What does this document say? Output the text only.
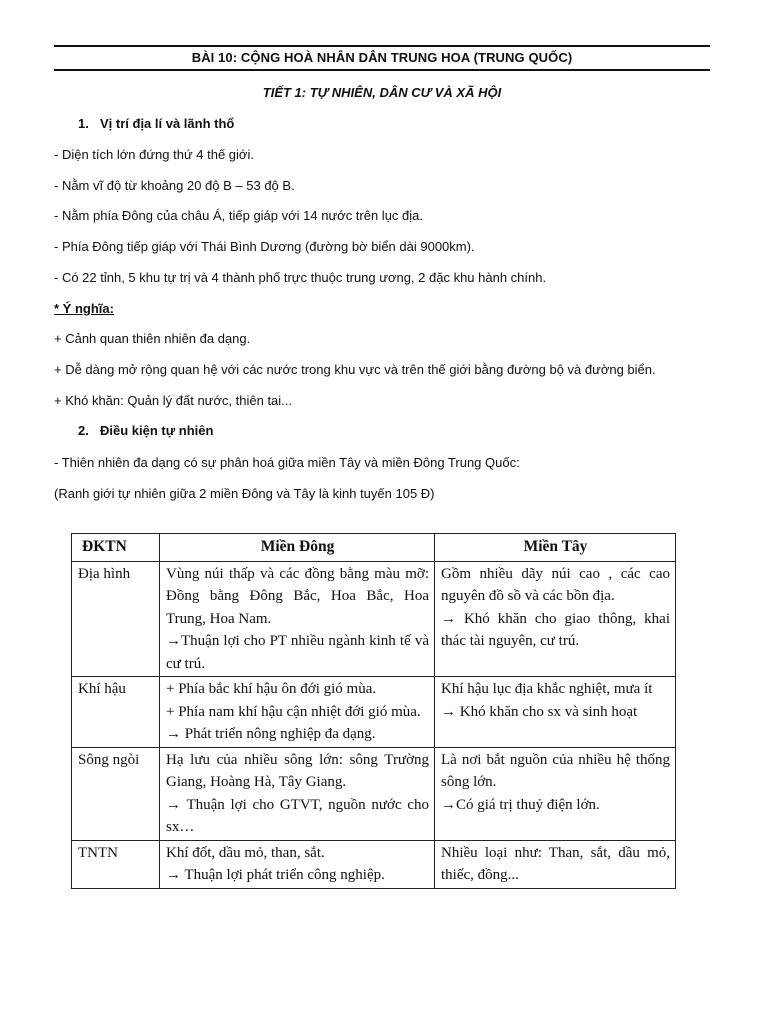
BÀI 10: CỘNG HOÀ NHÂN DÂN TRUNG HOA (TRUNG QUỐC)
TIẾT 1: TỰ NHIÊN, DÂN CƯ VÀ XÃ HỘI
1. Vị trí địa lí và lãnh thổ
- Diện tích lớn đứng thứ 4 thế giới.
- Nằm vĩ độ từ khoảng 20 độ B – 53 độ B.
- Nằm phía Đông của châu Á, tiếp giáp với 14 nước trên lục địa.
- Phía Đông tiếp giáp với Thái Bình Dương (đường bờ biển dài 9000km).
- Có 22 tỉnh, 5 khu tự trị và 4 thành phố trực thuộc trung ương, 2 đặc khu hành chính.
* Ý nghĩa:
+ Cảnh quan thiên nhiên đa dạng.
+ Dễ dàng mở rộng quan hệ với các nước trong khu vực và trên thế giới bằng đường bộ và đường biển.
+ Khó khăn: Quản lý đất nước, thiên tai...
2. Điều kiện tự nhiên
- Thiên nhiên đa dạng có sự phân hoá giữa miền Tây và miền Đông Trung Quốc:
(Ranh giới tự nhiên giữa 2 miền Đông và Tây là kinh tuyến 105 Đ)
ĐKTN	Miền Đông	Miền Tây
Địa hình	Vùng núi thấp và các đồng bằng màu mỡ: Đồng bằng Đông Bắc, Hoa Bắc, Hoa Trung, Hoa Nam.
→Thuận lợi cho PT nhiều ngành kinh tế và cư trú.	Gồm nhiều dãy núi cao , các cao nguyên đồ sồ và các bồn địa.
→ Khó khăn cho giao thông, khai thác tài nguyên, cư trú.

Khí hậu	+ Phía bắc khí hậu ôn đới gió mùa.
+ Phía nam khí hậu cận nhiệt đới gió mùa.
→ Phát triển nông nghiệp đa dạng.	Khí hậu lục địa khắc nghiệt, mưa ít
→ Khó khăn cho sx và sinh hoạt

Sông ngòi	Hạ lưu của nhiều sông lớn: sông Trường Giang, Hoàng Hà, Tây Giang.
→ Thuận lợi cho GTVT, nguồn nước cho sx…	Là nơi bắt nguồn của nhiều hệ thống sông lớn.
→Có giá trị thuỷ điện lớn.

TNTN	Khí đốt, dầu mỏ, than, sắt.
→ Thuận lợi phát triển công nghiệp.	Nhiều loại như: Than, sắt, dầu mỏ, thiếc, đồng...
